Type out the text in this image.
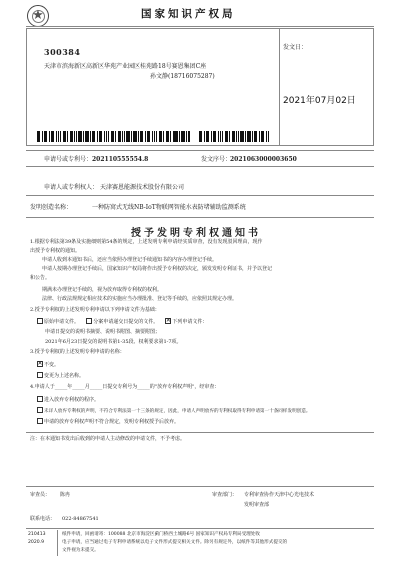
★	国家知识产权局
300384
天津市滨海新区高新区华苑产业园区桂苑路18号赛恩集团C座
孙文静(18716075287)
发文日：
2021年07月02日
申请号或专利号： 202110555554.8	发文序号：
2021063000003650
申请人或专利权人： 天津赛恩能源技术股份有限公司
发明创造名称：	一种防窝式无线NB-IoT物联网智能水表防堵辅助监测系统
授予发明专利权通知书
1.根据专利法第39条及实施细则第54条的规定，上述发明专利申请经实质审查，没有发现驳回理由，现作
出授予专利权的通知。
申请人收到本通知书后，还应当依照办理登记手续通知书的内容办理登记手续。
申请人按期办理登记手续后，国家知识产权局将作出授予专利权的决定，颁发发明专利证书，并予以登记
和公告。
期满未办理登记手续的，视为放弃取得专利权的权利。
法律、行政法规规定相应技术的实施应当办理批准、登记等手续的，应依照其规定办理。
2.授予专利权的上述发明专利申请以下列申请文件为基础：
原始申请文件。	分案申请递交日提交的文件。  ✕	下列申请文件：
申请日提交的说明书摘要、说明书附图、摘要附图；
2021年6月23日提交的说明书第1-35段、权利要求第1-7项。
3.授予专利权的上述发明专利申请的名称：
✕不变。
变更为上述名称。
4.申请人于_____年_____月_____日提交专利号为_____的"放弃专利权声明"，经审查：
进入放弃专利权的程序。
未详人放弃专利权的声明，不符合专利法第一十三条的规定，因此，申请人声明放弃的专利权取得专利申请第一十条同样发明创造。
申请的放弃专利权声明不符合规定，发明专利权授予后放弃。
注：在本通知书发出后收到的申请人主动修改的申请文件，不予考虑。
审查员： 陈冉	审查部门： 专利审查协作天津中心光电技术
发明审查部
联系电话： 022-84867541
210413
2020.9
纸件申请，回函请寄：100088 北京市海淀区蓟门桥西土城路6号 国家知识产权局专利局受理处收
电子申请，应当通过电子专利申请系统以电子文件形式提交相关文件。除另有规定外，以纸件等其他形式提交的
文件视为未提交。
